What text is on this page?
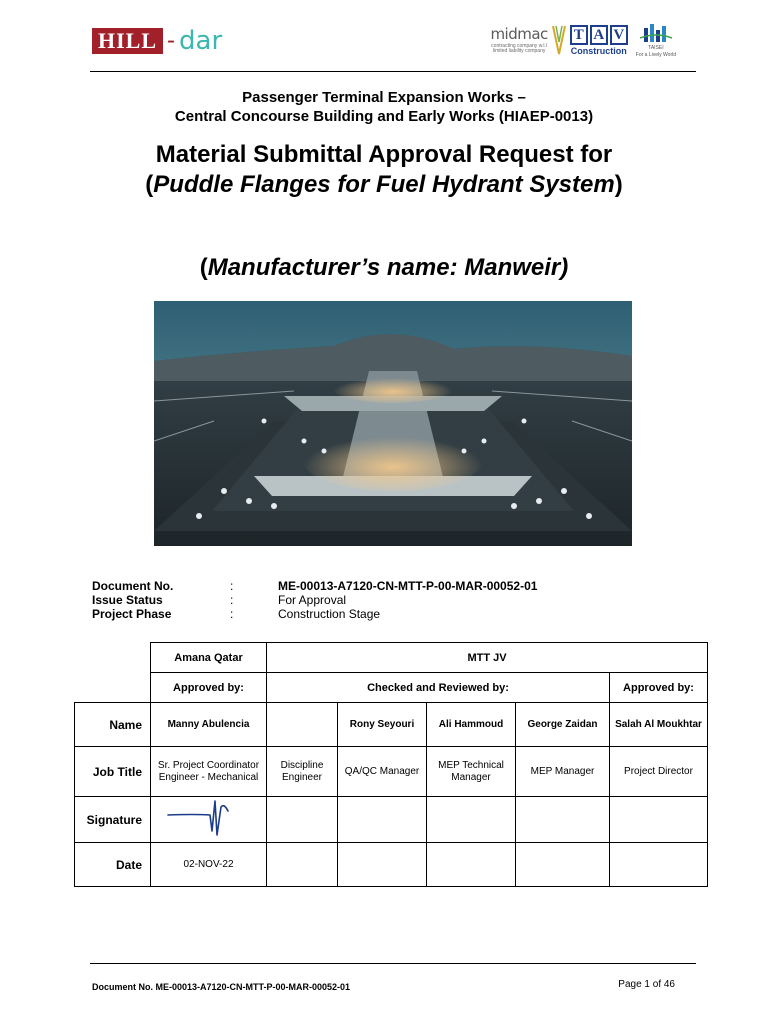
HILL - dar	midmac
contracting company w.l.l limited liability company
T A V
Construction	TAISEI
For a Lively World
Passenger Terminal Expansion Works –
Central Concourse Building and Early Works (HIAEP-0013)
Material Submittal Approval Request for
(Puddle Flanges for Fuel Hydrant System)
(Manufacturer’s name: Manweir)
Document No.	:	ME-00013-A7120-CN-MTT-P-00-MAR-00052-01
Issue Status	:	For Approval
Project Phase	:	Construction Stage
	Amana Qatar	MTT JV				
	Approved by:	Checked and Reviewed by:				Approved by:
Name	Manny Abulencia		Rony Seyouri	Ali Hammoud	George Zaidan	Salah Al Moukhtar
Job Title	Sr. Project Coordinator Engineer - Mechanical	Discipline Engineer	QA/QC Manager	MEP Technical Manager	MEP Manager	Project Director
Signature						
Date	02-NOV-22					
Document No. ME-00013-A7120-CN-MTT-P-00-MAR-00052-01	Page 1 of 46
